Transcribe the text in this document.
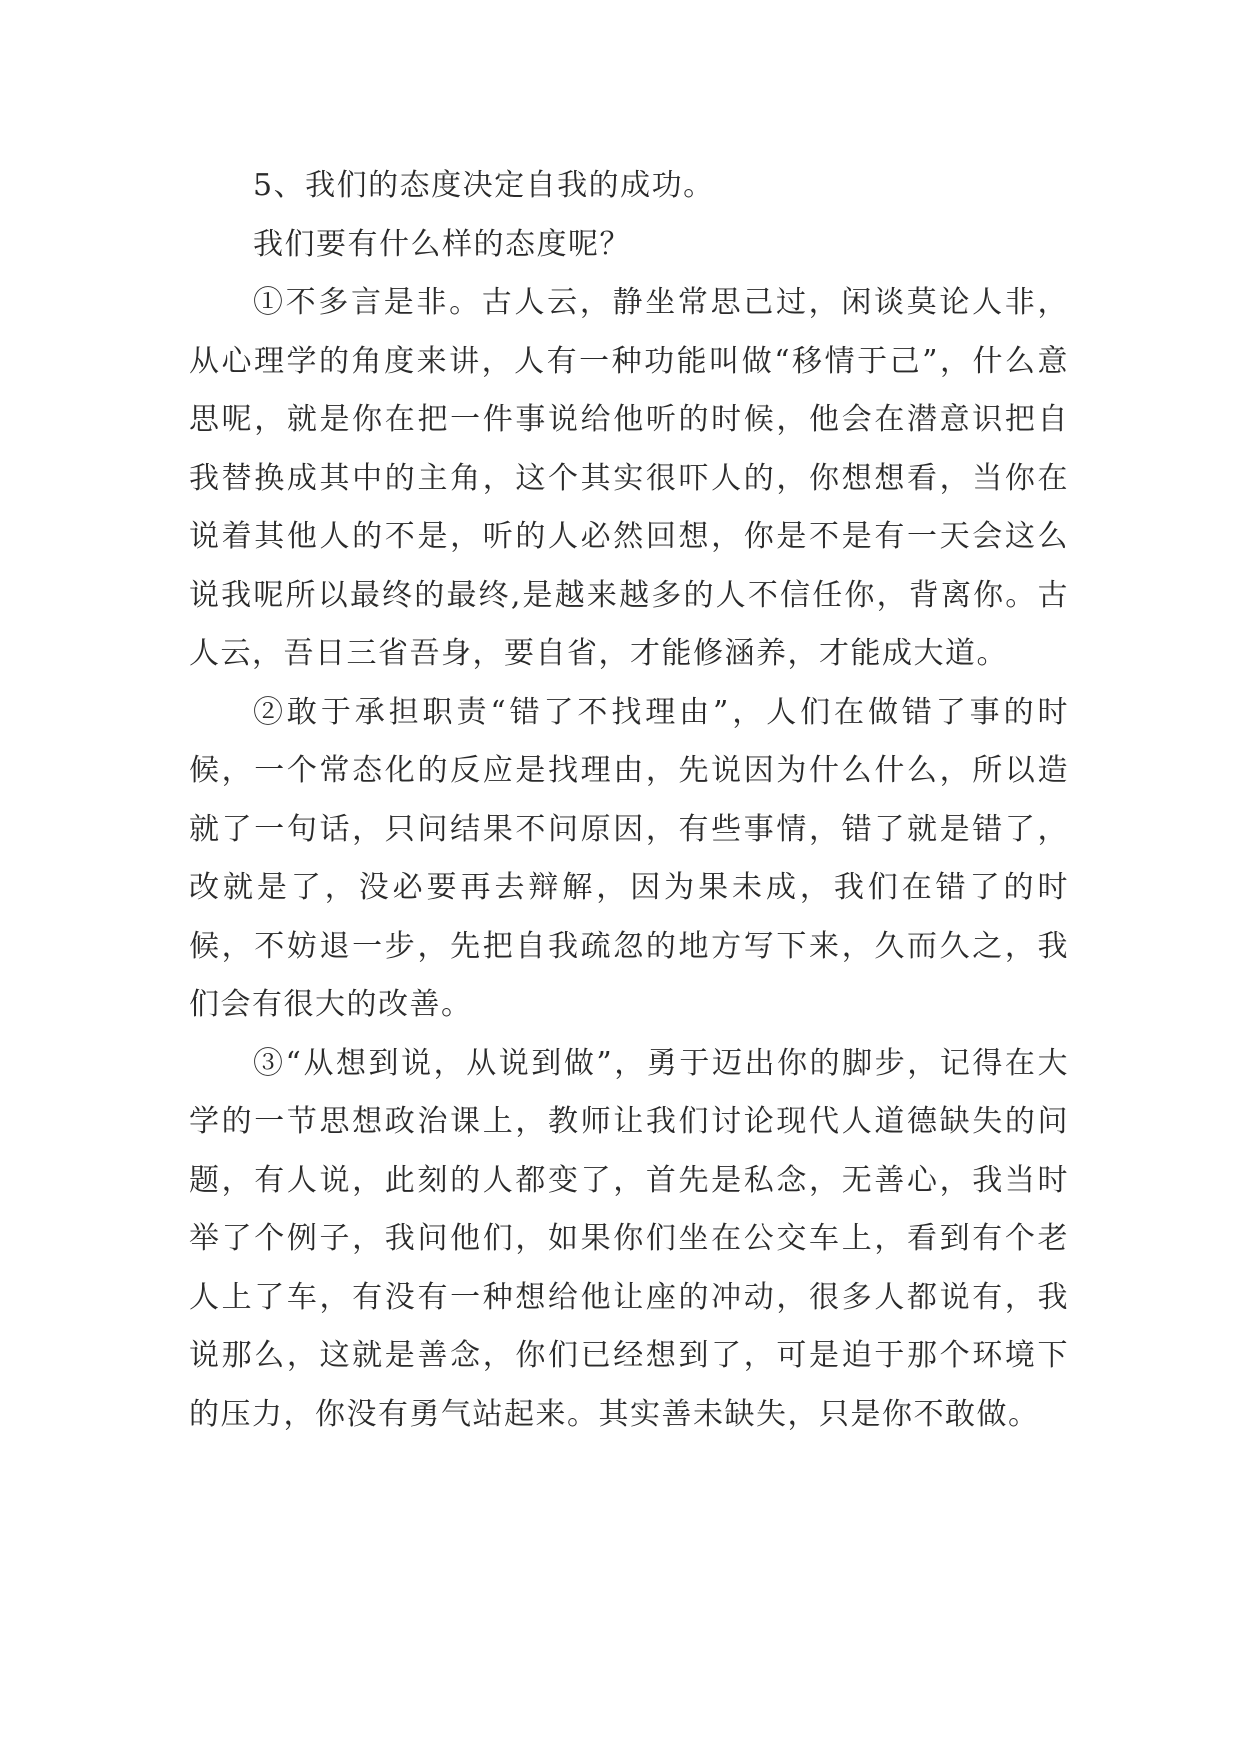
5、我们的态度决定自我的成功。

我们要有什么样的态度呢？

①不多言是非。古人云，静坐常思己过，闲谈莫论人非，从心理学的角度来讲，人有一种功能叫做“移情于己”，什么意思呢，就是你在把一件事说给他听的时候，他会在潜意识把自我替换成其中的主角，这个其实很吓人的，你想想看，当你在说着其他人的不是，听的人必然回想，你是不是有一天会这么说我呢所以最终的最终,是越来越多的人不信任你，背离你。古人云，吾日三省吾身，要自省，才能修涵养，才能成大道。

②敢于承担职责“错了不找理由”，人们在做错了事的时候，一个常态化的反应是找理由，先说因为什么什么，所以造就了一句话，只问结果不问原因，有些事情，错了就是错了，改就是了，没必要再去辩解，因为果未成，我们在错了的时候，不妨退一步，先把自我疏忽的地方写下来，久而久之，我们会有很大的改善。

③“从想到说，从说到做”，勇于迈出你的脚步，记得在大学的一节思想政治课上，教师让我们讨论现代人道德缺失的问题，有人说，此刻的人都变了，首先是私念，无善心，我当时举了个例子，我问他们，如果你们坐在公交车上，看到有个老人上了车，有没有一种想给他让座的冲动，很多人都说有，我说那么，这就是善念，你们已经想到了，可是迫于那个环境下的压力，你没有勇气站起来。其实善未缺失，只是你不敢做。
